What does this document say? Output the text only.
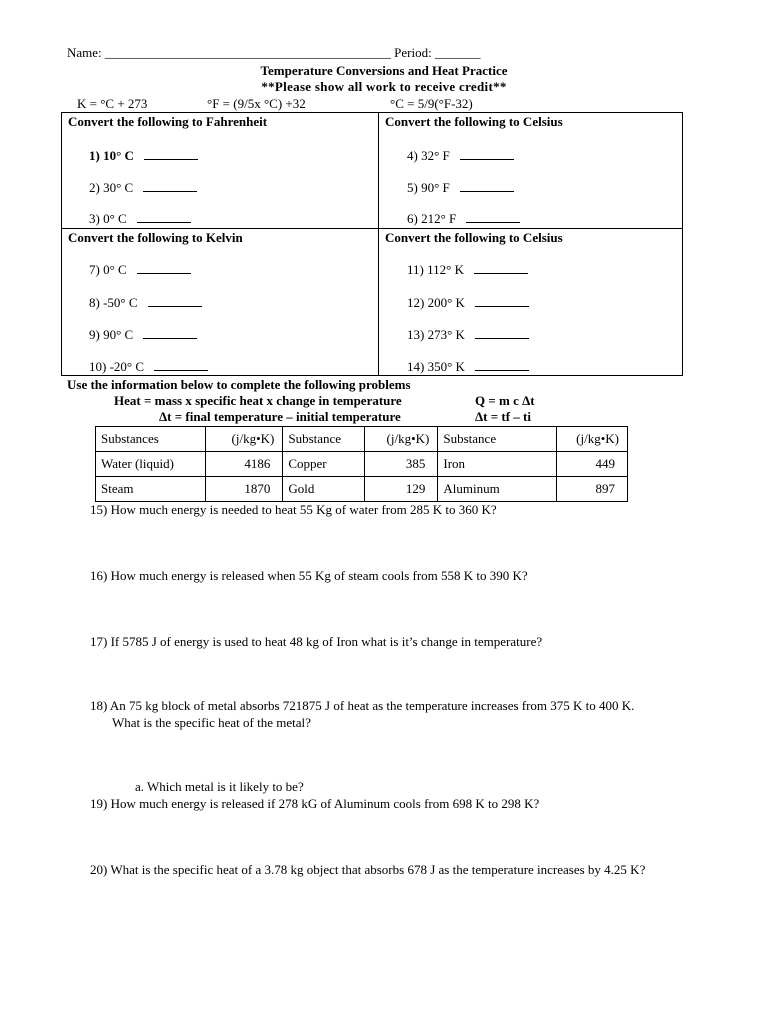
Name: ____________________________________________ Period: _______
Temperature Conversions and Heat Practice
**Please show all work to receive credit**
K = °C + 273	°F = (9/5x °C) +32	°C = 5/9(°F-32)
Convert the following to Fahrenheit
1) 10° C
2) 30° C
3) 0° C
Convert the following to Celsius
4) 32° F
5) 90° F
6) 212° F
Convert the following to Kelvin
7) 0° C
8) -50° C
9) 90° C
10) -20° C
Convert the following to Celsius
11) 112° K
12) 200° K
13) 273° K
14) 350° K
Use the information below to complete the following problems
Heat = mass x specific heat x change in temperature	Q = m c Δt
Δt = final temperature – initial temperature	Δt = tf – ti
Substances	(j/kg•K)	Substance	(j/kg•K)	Substance	(j/kg•K)
Water (liquid)	4186	Copper	385	Iron	449
Steam	1870	Gold	129	Aluminum	897
15) How much energy is needed to heat 55 Kg of water from 285 K to 360 K?
16) How much energy is released when 55 Kg of steam cools from 558 K to 390 K?
17) If 5785 J of energy is used to heat 48 kg of Iron what is it’s change in temperature?
18) An 75 kg block of metal absorbs 721875 J of heat as the temperature increases from 375 K to 400 K.
What is the specific heat of the metal?
a. Which metal is it likely to be?
19) How much energy is released if 278 kG of Aluminum cools from 698 K to 298 K?
20) What is the specific heat of a 3.78 kg object that absorbs 678 J as the temperature increases by 4.25 K?
